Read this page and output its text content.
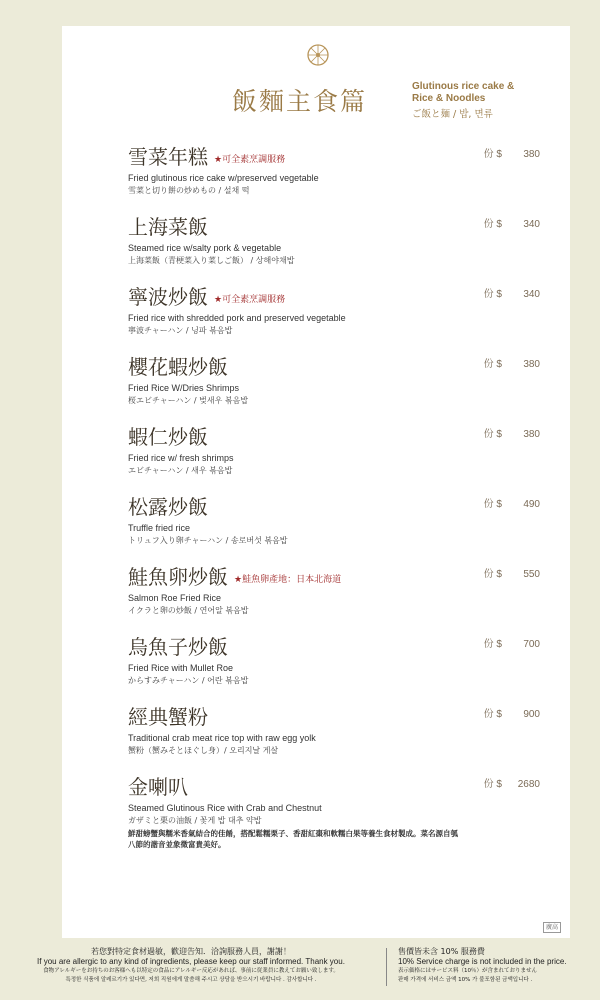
飯麵主食篇
Glutinous rice cake & Rice & Noodles
ご飯と麺 / 밥, 면류
雪菜年糕 ★可全素烹調服務
Fried glutinous rice cake w/preserved vegetable
雪菜と切り餅の炒めもの / 설채 떡
份 $ 380
上海菜飯
Steamed rice w/salty pork & vegetable
上海菜飯（青梗菜入り菜しご飯） / 상해야채밥
份 $ 340
寧波炒飯 ★可全素烹調服務
Fried rice with shredded pork and preserved vegetable
寧波チャーハン / 닝파 볶음밥
份 $ 340
櫻花蝦炒飯
Fried Rice W/Dries Shrimps
桜エビチャーハン / 벚새우 볶음밥
份 $ 380
蝦仁炒飯
Fried rice w/ fresh shrimps
エビチャーハン / 새우 볶음밥
份 $ 380
松露炒飯
Truffle fried rice
トリュフ入り卵チャーハン / 송로버섯 볶음밥
份 $ 490
鮭魚卵炒飯 ★鮭魚卵產地：日本北海道
Salmon Roe Fried Rice
イクラと卵の炒飯 / 연어알 볶음밥
份 $ 550
烏魚子炒飯
Fried Rice with Mullet Roe
からすみチャーハン / 어란 볶음밥
份 $ 700
經典蟹粉
Traditional crab meat rice top with raw egg yolk
蟹粉（蟹みそとほぐし身）/ 오리지날 게살
份 $ 900
金喇叭
Steamed Glutinous Rice with Crab and Chestnut
ガザミと栗の油飯 / 꽃게 밥 대추 약밥
鮮甜螃蟹與糯米香氣結合的佳餚，搭配鬆糯栗子、香甜紅棗和軟糯白果等養生食材製成。菜名源自瓠八節的諧音並象徵富貴美好。
份 $ 2680
廣高
若您對特定食材過敏，歡迎告知．洽詢服務人員，謝謝！
If you are allergic to any kind of ingredients, please keep our staff informed. Thank you.
食物アレルギーをお持ちのお客様へも以特定の食品にアレルギー反応があれば、事前に従業員に教えてお願い致します。
특정한 식품에 알레르기가 있다면, 저희 직원에게 말씀해 주시고 상담을 받으시기 바랍니다 . 감사합니다 .
售價皆未含 10% 服務費
10% Service charge is not included in the price.
表示価格にはサービス料（10％）が含まれておりません
판매 가격에 서비스 금액 10% 가 불포함된 금액입니다 .
